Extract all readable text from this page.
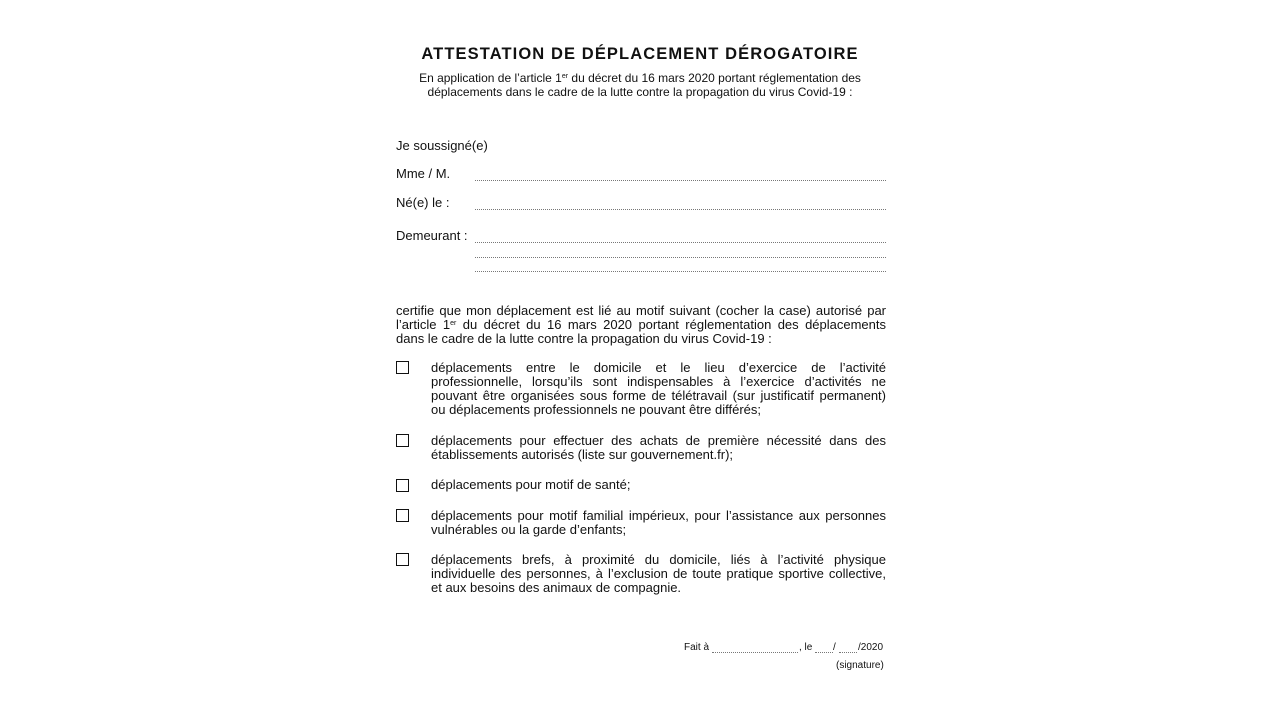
ATTESTATION DE DÉPLACEMENT DÉROGATOIRE

En application de l’article 1er du décret du 16 mars 2020 portant réglementation des déplacements dans le cadre de la lutte contre la propagation du virus Covid-19 :

Je soussigné(e)

Mme / M.

Né(e) le :

Demeurant :

certifie que mon déplacement est lié au motif suivant (cocher la case) autorisé par l’article 1er du décret du 16 mars 2020 portant réglementation des déplacements dans le cadre de la lutte contre la propagation du virus Covid-19 :

déplacements entre le domicile et le lieu d’exercice de l’activité professionnelle, lorsqu’ils sont indispensables à l’exercice d’activités ne pouvant être organisées sous forme de télétravail (sur justificatif permanent) ou déplacements professionnels ne pouvant être différés;

déplacements pour effectuer des achats de première nécessité dans des établissements autorisés (liste sur gouvernement.fr);

déplacements pour motif de santé;

déplacements pour motif familial impérieux, pour l’assistance aux personnes vulnérables ou la garde d’enfants;

déplacements brefs, à proximité du domicile, liés à l’activité physique individuelle des personnes, à l’exclusion de toute pratique sportive collective, et aux besoins des animaux de compagnie.

Fait à	, le / /2020
(signature)
